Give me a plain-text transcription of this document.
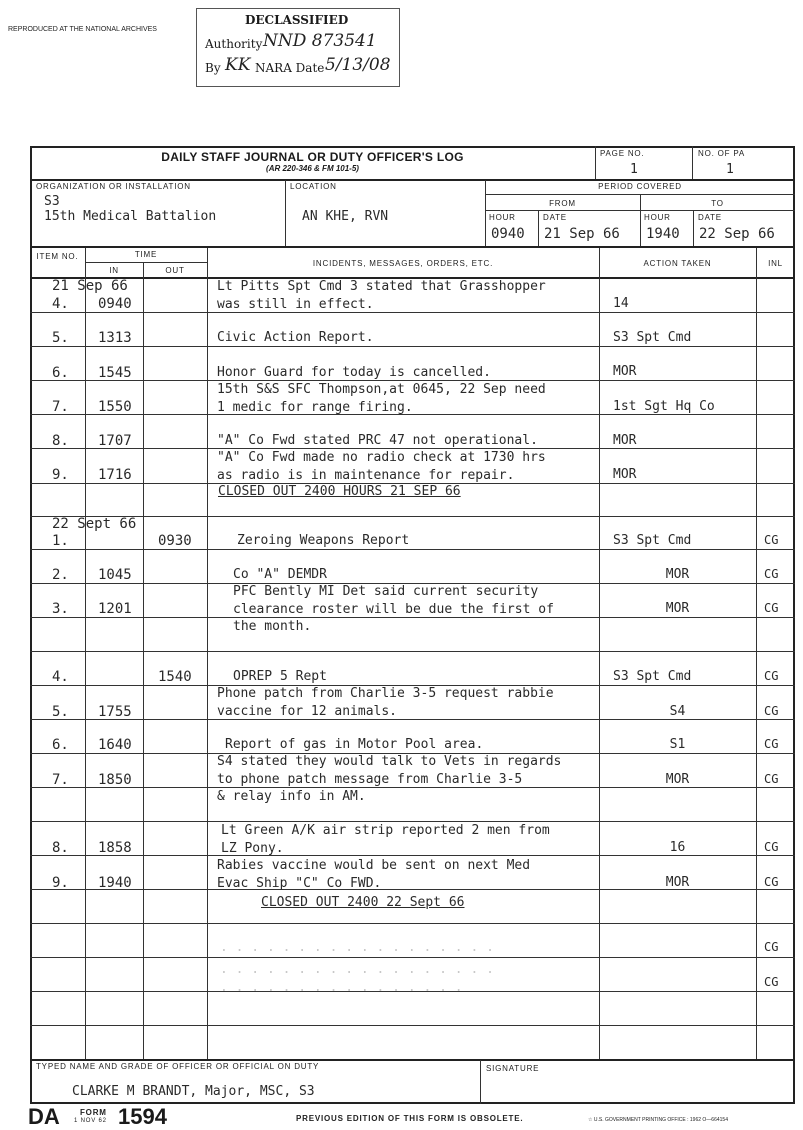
REPRODUCED AT THE NATIONAL ARCHIVES
DECLASSIFIED
Authority NND 873541
By KK NARA Date 5/13/08
DAILY STAFF JOURNAL OR DUTY OFFICER'S LOG
(AR 220-346 & FM 101-5)
PAGE NO.
1
NO. OF PA
1
ORGANIZATION OR INSTALLATION
S3
15th Medical Battalion
LOCATION
AN KHE, RVN
PERIOD COVERED
FROM	TO
HOUR	DATE	HOUR	DATE
0940 21 Sep 66 1940 22 Sep 66
ITEM NO.	TIME
IN	OUT
INCIDENTS, MESSAGES, ORDERS, ETC.	ACTION TAKEN	INL
21 Sep 66
22 Sept 66
CLOSED OUT 2400 HOURS 21 SEP 66
CLOSED OUT 2400 22 Sept 66
. . . . . . . . . . . . . . . . . .
. . . . . . . . . . . . . . . . . .
. . . . . . . . . . . . . . . .
4. 0940
Lt Pitts Spt Cmd 3 stated that Grasshopper
was still in effect.	14
5. 1313	Civic Action Report.	S3 Spt Cmd
6. 1545	Honor Guard for today is cancelled.	MOR
7. 1550
15th S&S SFC Thompson,at 0645, 22 Sep need
1 medic for range firing.	1st Sgt Hq Co
8. 1707	"A" Co Fwd stated PRC 47 not operational.	MOR
9. 1716
"A" Co Fwd made no radio check at 1730 hrs
as radio is in maintenance for repair.	MOR
1.	0930	Zeroing Weapons Report	S3 Spt Cmd	CG
2. 1045	Co "A" DEMDR	MOR	CG
3. 1201
PFC Bently MI Det said current security
clearance roster will be due the first of
the month.
MOR	CG
4.	1540	OPREP 5 Rept	S3 Spt Cmd	CG
5. 1755
Phone patch from Charlie 3-5 request rabbie
vaccine for 12 animals.	S4	CG
6. 1640	Report of gas in Motor Pool area.	S1	CG
7. 1850
S4 stated they would talk to Vets in regards
to phone patch message from Charlie 3-5
& relay info in AM.
MOR	CG
8. 1858
Lt Green A/K air strip reported 2 men from
LZ Pony.	16	CG
9. 1940
Rabies vaccine would be sent on next Med
Evac Ship "C" Co FWD.	MOR	CG
CG
CG
TYPED NAME AND GRADE OF OFFICER OR OFFICIAL ON DUTY
CLARKE M BRANDT, Major, MSC, S3
SIGNATURE
DA	FORM
1 NOV 62 1594	PREVIOUS EDITION OF THIS FORM IS OBSOLETE.	☆ U.S. GOVERNMENT PRINTING OFFICE : 1962 O—664154
